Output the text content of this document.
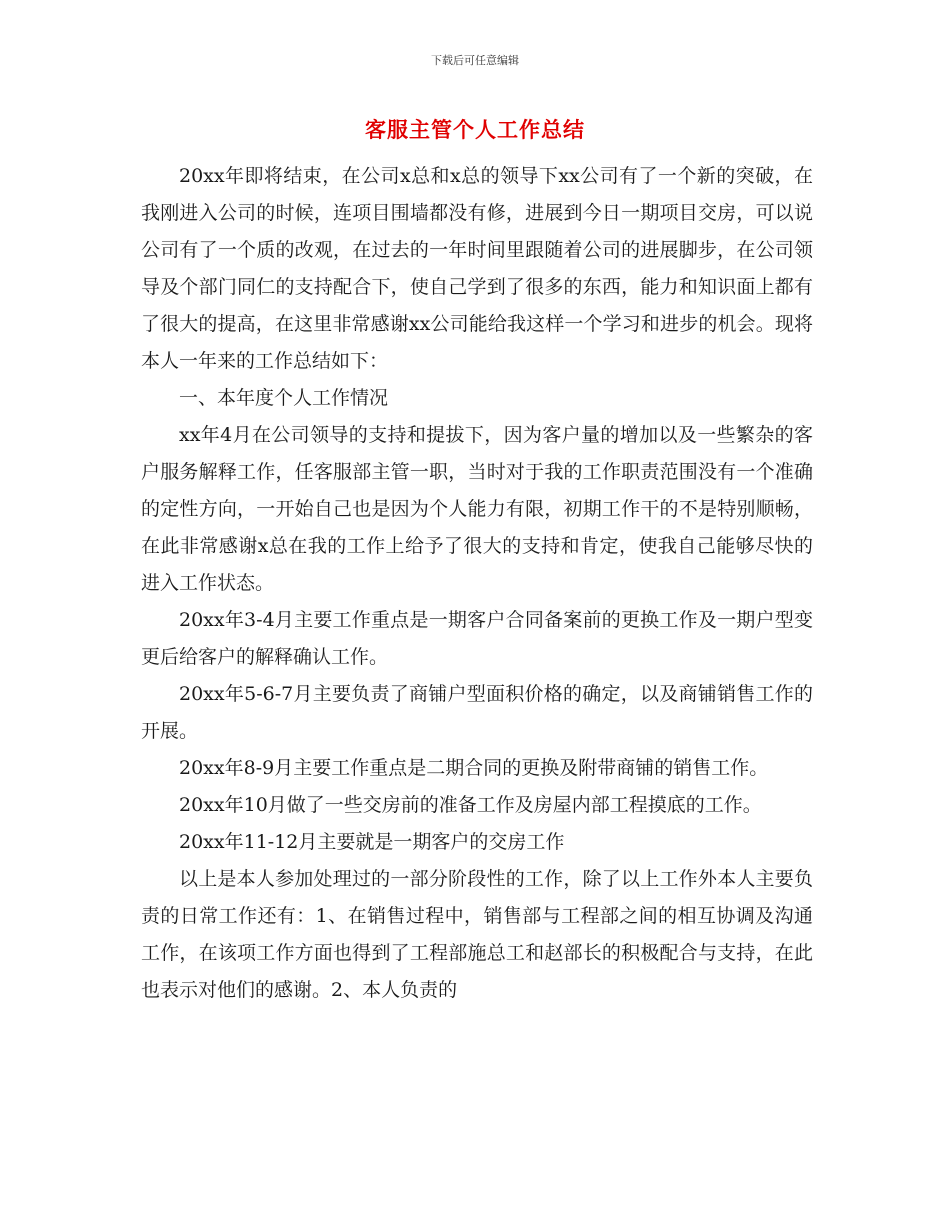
下载后可任意编辑
客服主管个人工作总结

20xx年即将结束，在公司x总和x总的领导下xx公司有了一个新的突破，在我刚进入公司的时候，连项目围墙都没有修，进展到今日一期项目交房，可以说公司有了一个质的改观，在过去的一年时间里跟随着公司的进展脚步，在公司领导及个部门同仁的支持配合下，使自己学到了很多的东西，能力和知识面上都有了很大的提高，在这里非常感谢xx公司能给我这样一个学习和进步的机会。现将本人一年来的工作总结如下：

一、本年度个人工作情况

xx年4月在公司领导的支持和提拔下，因为客户量的增加以及一些繁杂的客户服务解释工作，任客服部主管一职，当时对于我的工作职责范围没有一个准确的定性方向，一开始自己也是因为个人能力有限，初期工作干的不是特别顺畅，在此非常感谢x总在我的工作上给予了很大的支持和肯定，使我自己能够尽快的进入工作状态。

20xx年3-4月主要工作重点是一期客户合同备案前的更换工作及一期户型变更后给客户的解释确认工作。

20xx年5-6-7月主要负责了商铺户型面积价格的确定，以及商铺销售工作的开展。

20xx年8-9月主要工作重点是二期合同的更换及附带商铺的销售工作。

20xx年10月做了一些交房前的准备工作及房屋内部工程摸底的工作。

20xx年11-12月主要就是一期客户的交房工作

以上是本人参加处理过的一部分阶段性的工作，除了以上工作外本人主要负责的日常工作还有：1、在销售过程中，销售部与工程部之间的相互协调及沟通工作，在该项工作方面也得到了工程部施总工和赵部长的积极配合与支持，在此也表示对他们的感谢。2、本人负责的
